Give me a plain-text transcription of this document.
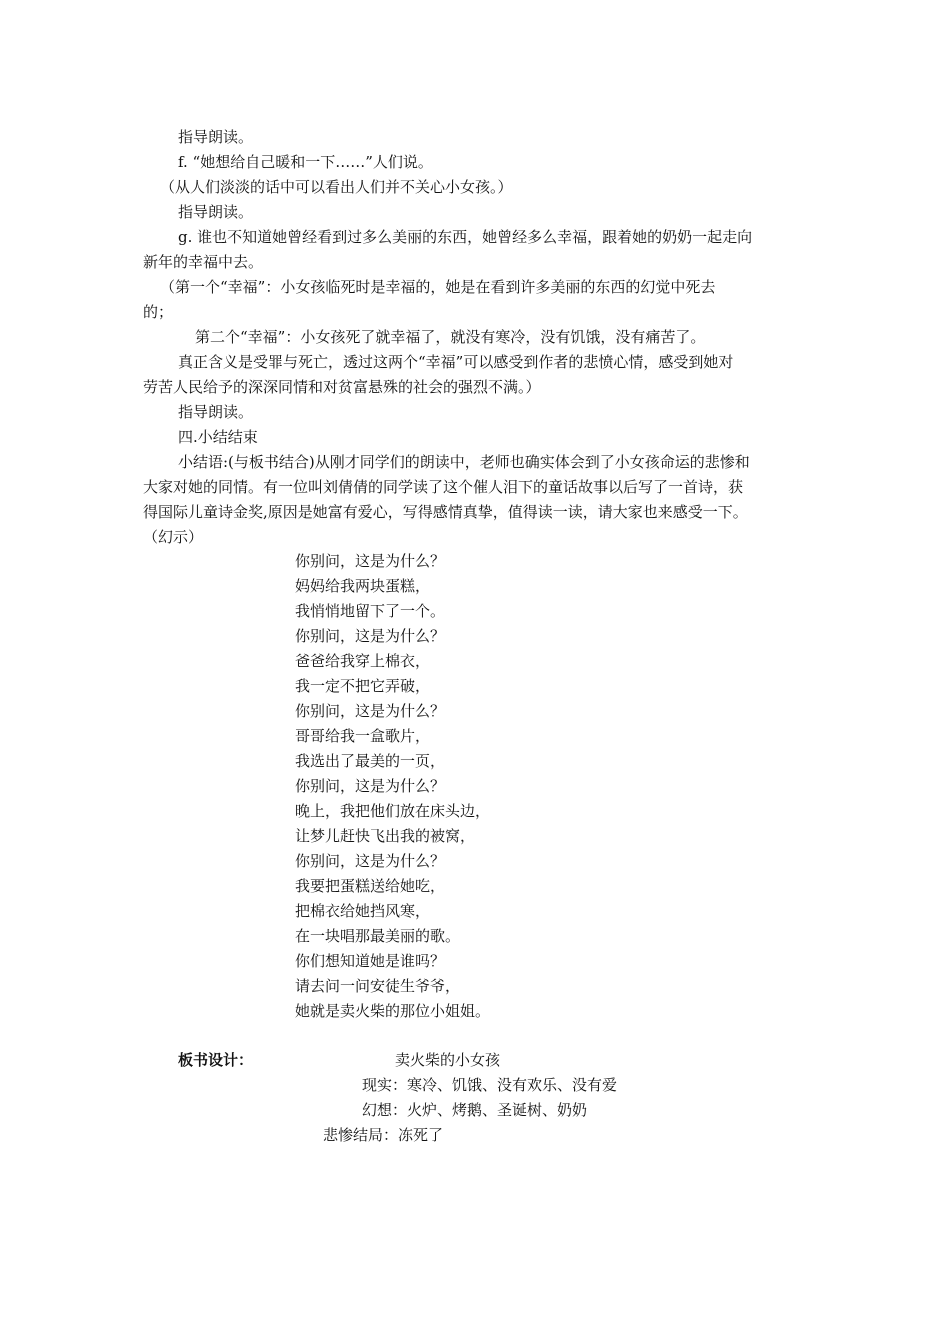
指导朗读。
f. “她想给自己暖和一下……”人们说。
（从人们淡淡的话中可以看出人们并不关心小女孩。）
指导朗读。
g. 谁也不知道她曾经看到过多么美丽的东西，她曾经多么幸福，跟着她的奶奶一起走向
新年的幸福中去。
（第一个“幸福”：小女孩临死时是幸福的，她是在看到许多美丽的东西的幻觉中死去
的；
第二个“幸福”：小女孩死了就幸福了，就没有寒冷，没有饥饿，没有痛苦了。
真正含义是受罪与死亡，透过这两个“幸福”可以感受到作者的悲愤心情，感受到她对
劳苦人民给予的深深同情和对贫富悬殊的社会的强烈不满。）
指导朗读。
四.小结结束
小结语:(与板书结合)从刚才同学们的朗读中，老师也确实体会到了小女孩命运的悲惨和
大家对她的同情。有一位叫刘倩倩的同学读了这个催人泪下的童话故事以后写了一首诗，获
得国际儿童诗金奖,原因是她富有爱心，写得感情真挚，值得读一读，请大家也来感受一下。
（幻示）
你别问，这是为什么？
妈妈给我两块蛋糕，
我悄悄地留下了一个。
你别问，这是为什么？
爸爸给我穿上棉衣，
我一定不把它弄破，
你别问，这是为什么？
哥哥给我一盒歌片，
我选出了最美的一页，
你别问，这是为什么？
晚上，我把他们放在床头边，
让梦儿赶快飞出我的被窝，
你别问，这是为什么？
我要把蛋糕送给她吃，
把棉衣给她挡风寒，
在一块唱那最美丽的歌。
你们想知道她是谁吗？
请去问一问安徒生爷爷，
她就是卖火柴的那位小姐姐。
板书设计：	卖火柴的小女孩
现实：寒冷、饥饿、没有欢乐、没有爱
幻想：火炉、烤鹅、圣诞树、奶奶
悲惨结局：冻死了
